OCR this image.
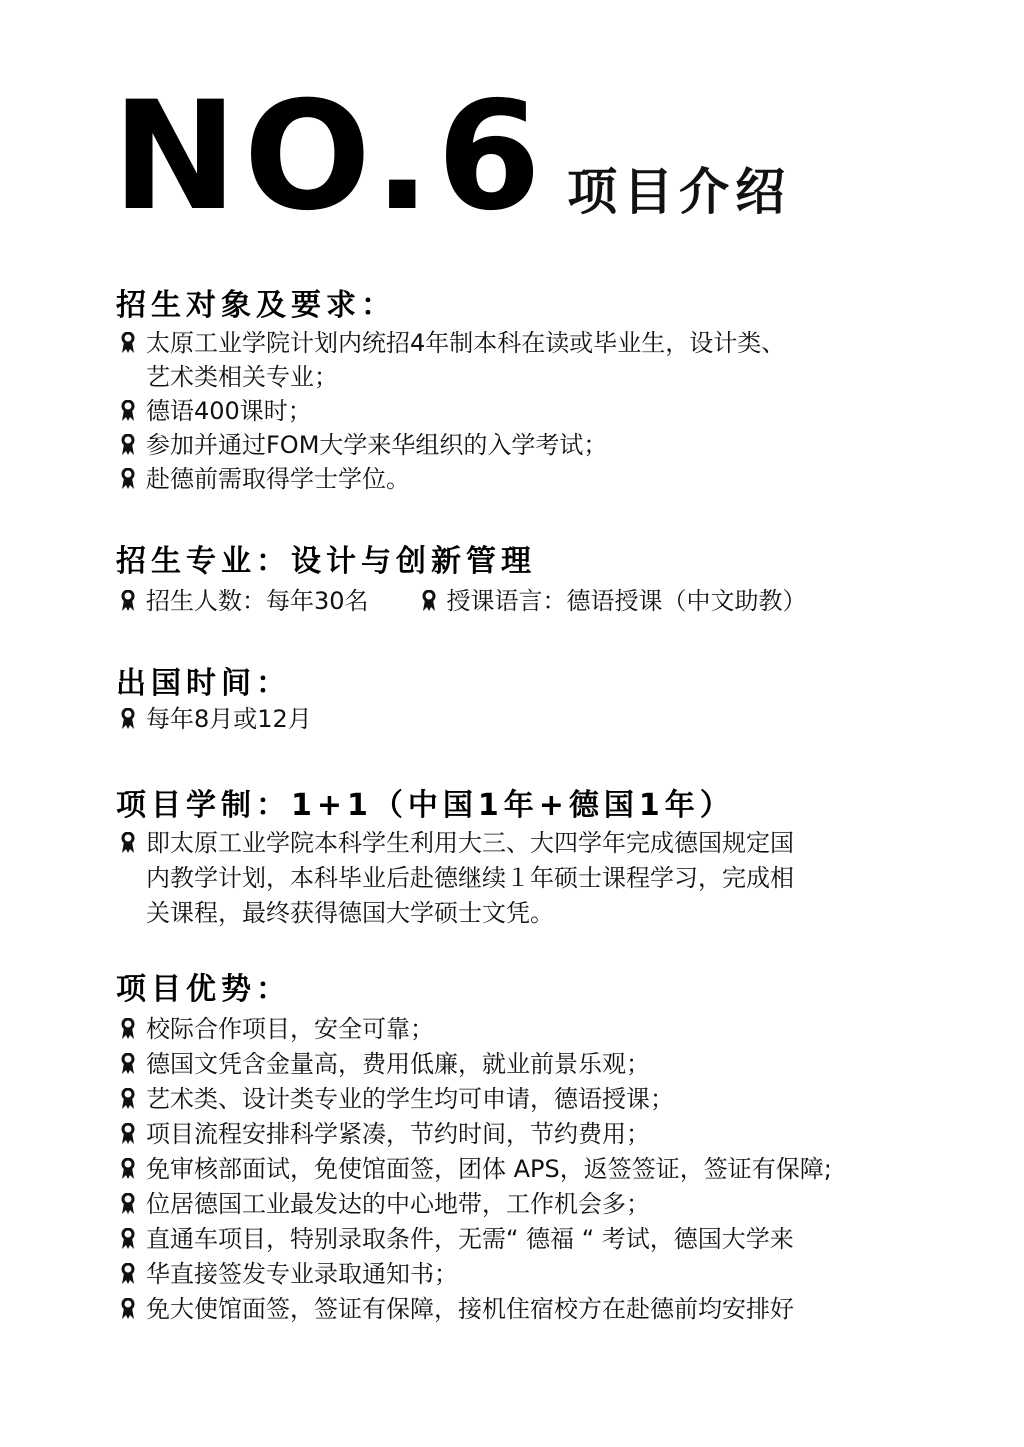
NO.6 项目介绍
招生对象及要求：
太原工业学院计划内统招4年制本科在读或毕业生，设计类、
艺术类相关专业；
德语400课时；
参加并通过FOM大学来华组织的入学考试；
赴德前需取得学士学位。
招生专业：设计与创新管理
招生人数：每年30名	授课语言：德语授课（中文助教）
出国时间：
每年8月或12月
项目学制：1+1（中国1年+德国1年）
即太原工业学院本科学生利用大三、大四学年完成德国规定国
内教学计划，本科毕业后赴德继续１年硕士课程学习，完成相
关课程，最终获得德国大学硕士文凭。
项目优势：
校际合作项目，安全可靠；
德国文凭含金量高，费用低廉，就业前景乐观；
艺术类、设计类专业的学生均可申请，德语授课；
项目流程安排科学紧凑，节约时间，节约费用；
免审核部面试，免使馆面签，团体 APS，返签签证，签证有保障;
位居德国工业最发达的中心地带，工作机会多；
直通车项目，特别录取条件，无需“ 德福 “ 考试，德国大学来
华直接签发专业录取通知书；
免大使馆面签，签证有保障，接机住宿校方在赴德前均安排好
